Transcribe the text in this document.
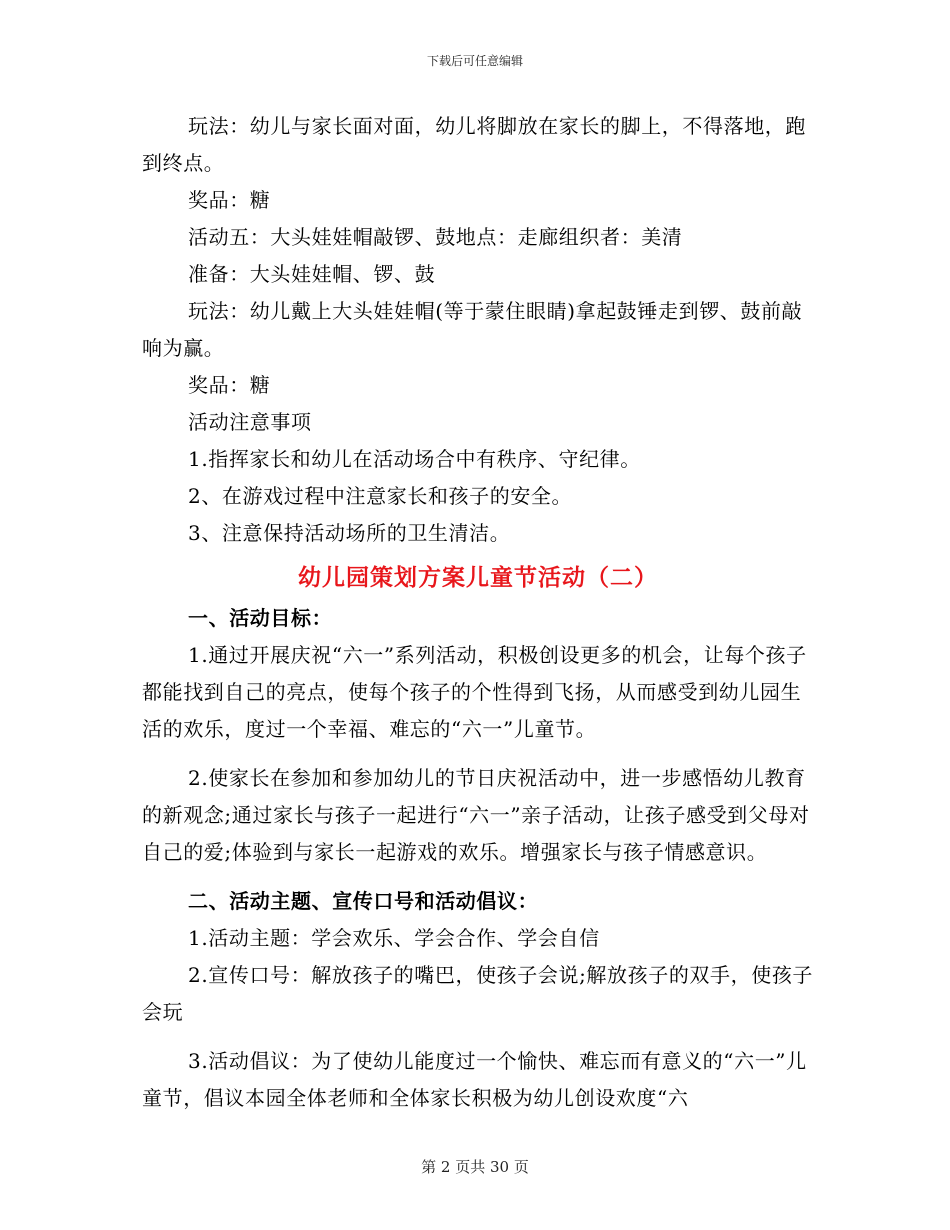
下载后可任意编辑

玩法：幼儿与家长面对面，幼儿将脚放在家长的脚上，不得落地，跑到终点。

奖品：糖

活动五：大头娃娃帽敲锣、鼓地点：走廊组织者：美清

准备：大头娃娃帽、锣、鼓

玩法：幼儿戴上大头娃娃帽(等于蒙住眼睛)拿起鼓锤走到锣、鼓前敲响为赢。

奖品：糖

活动注意事项

1.指挥家长和幼儿在活动场合中有秩序、守纪律。

2、在游戏过程中注意家长和孩子的安全。

3、注意保持活动场所的卫生清洁。

幼儿园策划方案儿童节活动（二）

一、活动目标：

1.通过开展庆祝“六一”系列活动，积极创设更多的机会，让每个孩子都能找到自己的亮点，使每个孩子的个性得到飞扬，从而感受到幼儿园生活的欢乐，度过一个幸福、难忘的“六一”儿童节。

2.使家长在参加和参加幼儿的节日庆祝活动中，进一步感悟幼儿教育的新观念;通过家长与孩子一起进行“六一”亲子活动，让孩子感受到父母对自己的爱;体验到与家长一起游戏的欢乐。增强家长与孩子情感意识。

二、活动主题、宣传口号和活动倡议：

1.活动主题：学会欢乐、学会合作、学会自信

2.宣传口号：解放孩子的嘴巴，使孩子会说;解放孩子的双手，使孩子会玩

3.活动倡议：为了使幼儿能度过一个愉快、难忘而有意义的“六一”儿童节，倡议本园全体老师和全体家长积极为幼儿创设欢度“六

第 2 页共 30 页
